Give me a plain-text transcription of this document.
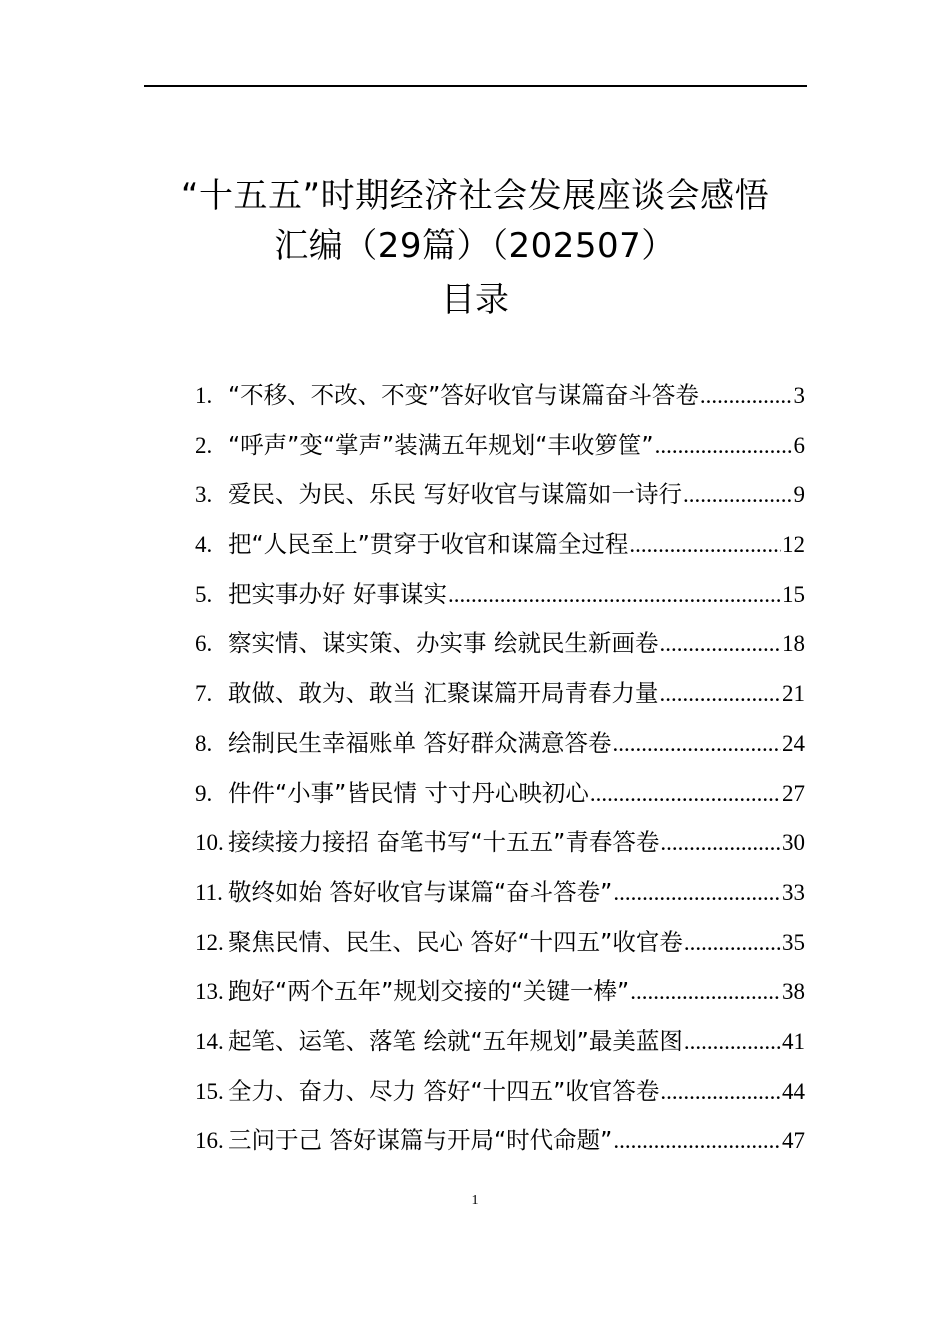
“十五五”时期经济社会发展座谈会感悟
汇编（29篇）（202507）
目录
1. “不移、不改、不变”答好收官与谋篇奋斗答卷 .....	3
2. “呼声”变“掌声”装满五年规划“丰收箩筐” .....	6
3. 爱民、为民、乐民 写好收官与谋篇如一诗行 .....	9
4. 把“人民至上”贯穿于收官和谋篇全过程 .....	12
5. 把实事办好 好事谋实 .....	15
6. 察实情、谋实策、办实事 绘就民生新画卷 .....	18
7. 敢做、敢为、敢当 汇聚谋篇开局青春力量 .....	21
8. 绘制民生幸福账单 答好群众满意答卷 .....	24
9. 件件“小事”皆民情 寸寸丹心映初心 .....	27
10. 接续接力接招 奋笔书写“十五五”青春答卷 .....	30
11. 敬终如始 答好收官与谋篇“奋斗答卷” .....	33
12. 聚焦民情、民生、民心 答好“十四五”收官卷 .....	35
13. 跑好“两个五年”规划交接的“关键一棒” .....	38
14. 起笔、运笔、落笔 绘就“五年规划”最美蓝图 .....	41
15. 全力、奋力、尽力 答好“十四五”收官答卷 .....	44
16. 三问于己 答好谋篇与开局“时代命题” .....	47
1
